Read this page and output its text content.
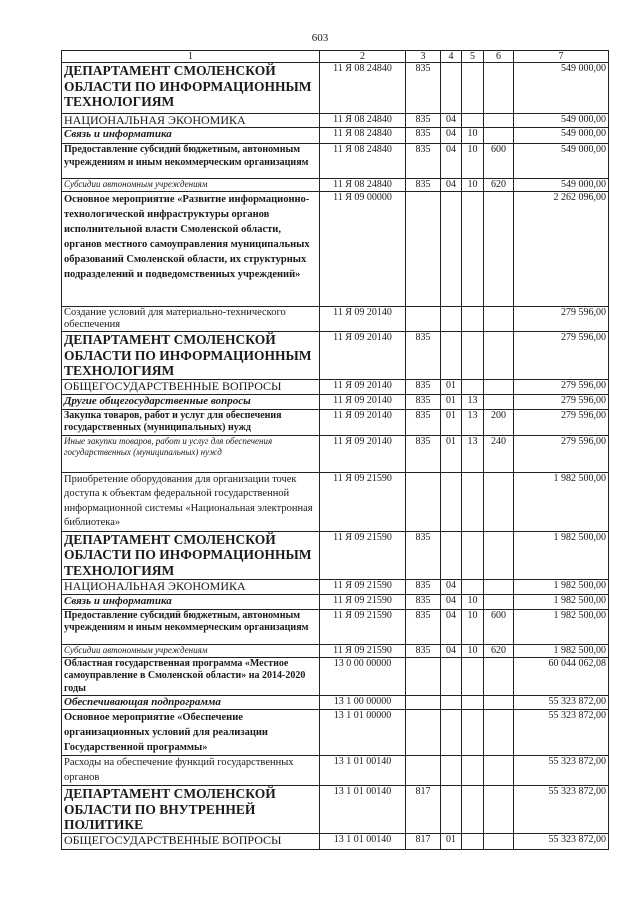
603
1	2	3	4	5	6	7
ДЕПАРТАМЕНТ СМОЛЕНСКОЙ ОБЛАСТИ ПО ИНФОРМАЦИОННЫМ ТЕХНОЛОГИЯМ	11 Я 08 24840	835				549 000,00
НАЦИОНАЛЬНАЯ ЭКОНОМИКА	11 Я 08 24840	835	04			549 000,00
Связь и информатика	11 Я 08 24840	835	04	10		549 000,00
Предоставление субсидий бюджетным, автономным учреждениям и иным некоммерческим организациям	11 Я 08 24840	835	04	10	600	549 000,00
Субсидии автономным учреждениям	11 Я 08 24840	835	04	10	620	549 000,00
Основное мероприятие «Развитие информационно-технологической инфраструктуры органов исполнительной власти Смоленской области, органов местного самоуправления муниципальных образований Смоленской области, их структурных подразделений и подведомственных учреждений»	11 Я 09 00000					2 262 096,00
Создание условий для материально-технического обеспечения	11 Я 09 20140					279 596,00
ДЕПАРТАМЕНТ СМОЛЕНСКОЙ ОБЛАСТИ ПО ИНФОРМАЦИОННЫМ ТЕХНОЛОГИЯМ	11 Я 09 20140	835				279 596,00
ОБЩЕГОСУДАРСТВЕННЫЕ ВОПРОСЫ	11 Я 09 20140	835	01			279 596,00
Другие общегосударственные вопросы	11 Я 09 20140	835	01	13		279 596,00
Закупка товаров, работ и услуг для обеспечения государственных (муниципальных) нужд	11 Я 09 20140	835	01	13	200	279 596,00
Иные закупки товаров, работ и услуг для обеспечения государственных (муниципальных) нужд	11 Я 09 20140	835	01	13	240	279 596,00
Приобретение оборудования для организации точек доступа к объектам федеральной государственной информационной системы «Национальная электронная библиотека»	11 Я 09 21590					1 982 500,00
ДЕПАРТАМЕНТ СМОЛЕНСКОЙ ОБЛАСТИ ПО ИНФОРМАЦИОННЫМ ТЕХНОЛОГИЯМ	11 Я 09 21590	835				1 982 500,00
НАЦИОНАЛЬНАЯ ЭКОНОМИКА	11 Я 09 21590	835	04			1 982 500,00
Связь и информатика	11 Я 09 21590	835	04	10		1 982 500,00
Предоставление субсидий бюджетным, автономным учреждениям и иным некоммерческим организациям	11 Я 09 21590	835	04	10	600	1 982 500,00
Субсидии автономным учреждениям	11 Я 09 21590	835	04	10	620	1 982 500,00
Областная государственная программа «Местное самоуправление в Смоленской области» на 2014-2020 годы	13 0 00 00000					60 044 062,08
Обеспечивающая подпрограмма	13 1 00 00000					55 323 872,00
Основное мероприятие «Обеспечение организационных условий для реализации Государственной программы»	13 1 01 00000					55 323 872,00
Расходы на обеспечение функций государственных органов	13 1 01 00140					55 323 872,00
ДЕПАРТАМЕНТ СМОЛЕНСКОЙ ОБЛАСТИ ПО ВНУТРЕННЕЙ ПОЛИТИКЕ	13 1 01 00140	817				55 323 872,00
ОБЩЕГОСУДАРСТВЕННЫЕ ВОПРОСЫ	13 1 01 00140	817	01			55 323 872,00
